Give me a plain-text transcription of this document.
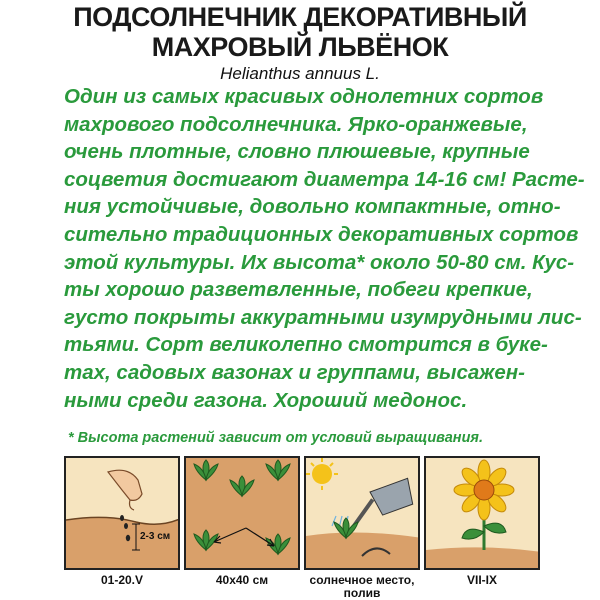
ПОДСОЛНЕЧНИК ДЕКОРАТИВНЫЙ
МАХРОВЫЙ ЛЬВЁНОК
Helianthus annuus L.
Один из самых красивых однолетних сортов
махрового подсолнечника. Ярко-оранжевые,
очень плотные, словно плюшевые, крупные
соцветия достигают диаметра 14-16 см! Расте-
ния устойчивые, довольно компактные, отно-
сительно традиционных декоративных сортов
этой культуры. Их высота* около 50-80 см. Кус-
ты хорошо разветвленные, побеги крепкие,
густо покрыты аккуратными изумрудными лис-
тьями. Сорт великолепно смотрится в буке-
тах, садовых вазонах и группами, высажен-
ными среди газона. Хороший медонос.
* Высота растений зависит от условий выращивания.
2-3 см
01-20.V	40x40 см	солнечное место,
полив
VII-IX
